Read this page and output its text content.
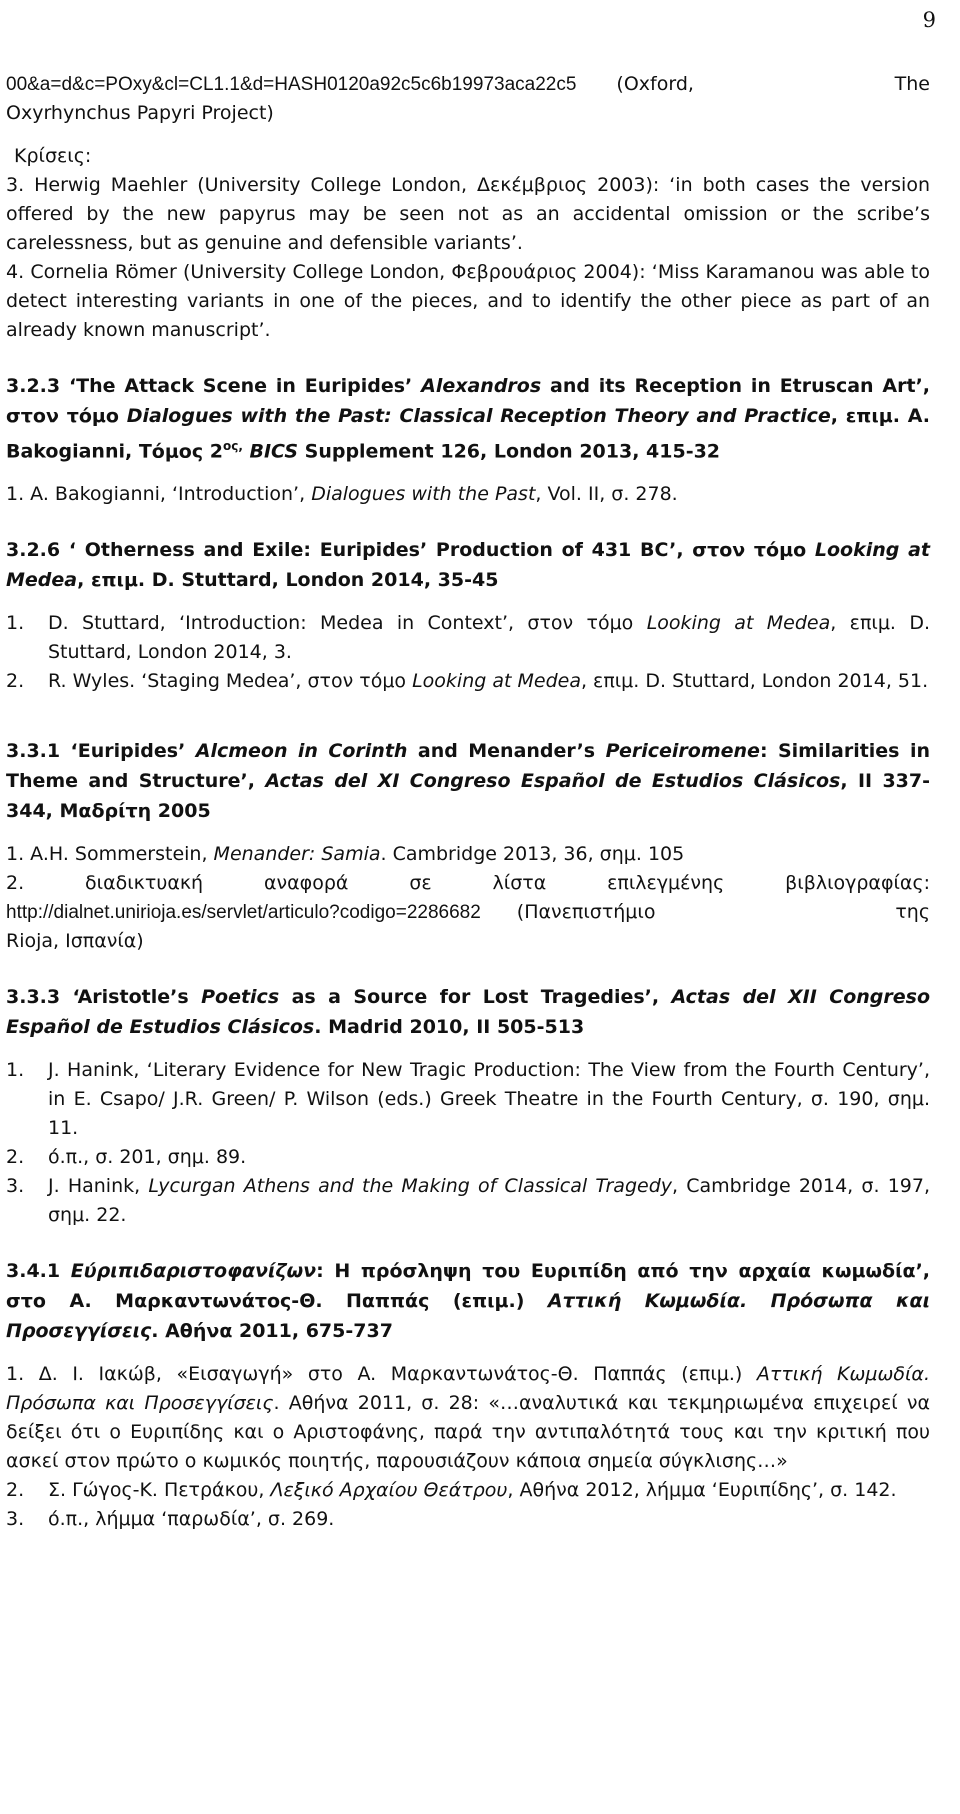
9
00&a=d&c=POxy&cl=CL1.1&d=HASH0120a92c5c6b19973aca22c5 (Oxford,	The
Oxyrhynchus Papyri Project)
Κρίσεις:
3. Herwig Maehler (University College London, Δεκέμβριος 2003): ‘in both cases the version offered by the new papyrus may be seen not as an accidental omission or the scribe’s carelessness, but as genuine and defensible variants’.
4. Cornelia Römer (University College London, Φεβρουάριος 2004): ‘Miss Karamanou was able to detect interesting variants in one of the pieces, and to identify the other piece as part of an already known manuscript’.
3.2.3 ‘The Attack Scene in Euripides’ Alexandros and its Reception in Etruscan Art’, στον τόμο Dialogues with the Past: Classical Reception Theory and Practice, επιμ. A. Bakogianni, Τόμος $2^{o\varsigma,}$ BICS Supplement 126, London 2013, 415-32
1. A. Bakogianni, ‘Introduction’, Dialogues with the Past, Vol. II, σ. 278.
3.2.6 ‘ Otherness and Exile: Euripides’ Production of 431 BC’, στον τόμο Looking at Medea, επιμ. D. Stuttard, London 2014, 35-45
1.	D. Stuttard, ‘Introduction: Medea in Context’, στον τόμο Looking at Medea, επιμ. D. Stuttard, London 2014, 3.
2.	R. Wyles. ‘Staging Medea’, στον τόμο Looking at Medea, επιμ. D. Stuttard, London 2014, 51.
3.3.1 ‘Euripides’ Alcmeon in Corinth and Menander’s Periceiromene: Similarities in Theme and Structure’, Actas del XI Congreso Español de Estudios Clásicos, II 337-344, Μαδρίτη 2005
1. A.H. Sommerstein, Menander: Samia. Cambridge 2013, 36, σημ. 105
2. διαδικτυακή αναφορά σε λίστα επιλεγμένης βιβλιογραφίας:
http://dialnet.unirioja.es/servlet/articulo?codigo=2286682	(Πανεπιστήμιο της
Rioja, Ισπανία)
3.3.3 ‘Aristotle’s Poetics as a Source for Lost Tragedies’, Actas del XII Congreso Español de Estudios Clásicos. Madrid 2010, II 505-513
1.	J. Hanink, ‘Literary Evidence for New Tragic Production: The View from the Fourth Century’, in E. Csapo/ J.R. Green/ P. Wilson (eds.) Greek Theatre in the Fourth Century, σ. 190, σημ. 11.
2.	ό.π., σ. 201, σημ. 89.
3.	J. Hanink, Lycurgan Athens and the Making of Classical Tragedy, Cambridge 2014, σ. 197, σημ. 22.
3.4.1 Εύριπιδαριστοφανίζων: Η πρόσληψη του Ευριπίδη από την αρχαία κωμωδία’, στο A. Μαρκαντωνάτος-Θ. Παππάς (επιμ.) Αττική Κωμωδία. Πρόσωπα και Προσεγγίσεις. Αθήνα 2011, 675-737
1. Δ. Ι. Ιακώβ, «Εισαγωγή» στο A. Μαρκαντωνάτος-Θ. Παππάς (επιμ.) Αττική Κωμωδία. Πρόσωπα και Προσεγγίσεις. Αθήνα 2011, σ. 28: «…αναλυτικά και τεκμηριωμένα επιχειρεί να δείξει ότι ο Ευριπίδης και ο Αριστοφάνης, παρά την αντιπαλότητά τους και την κριτική που ασκεί στον πρώτο ο κωμικός ποιητής, παρουσιάζουν κάποια σημεία σύγκλισης…»
2.	Σ. Γώγος-Κ. Πετράκου, Λεξικό Αρχαίου Θεάτρου, Αθήνα 2012, λήμμα ‘Ευριπίδης’, σ. 142.
3.	ό.π., λήμμα ‘παρωδία’, σ. 269.
